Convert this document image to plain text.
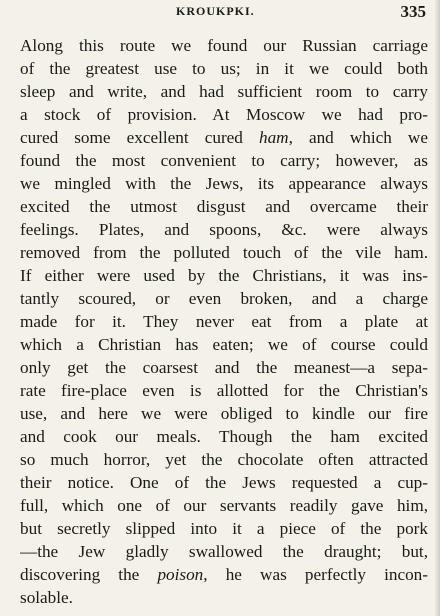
KROUKPKI.	335
Along this route we found our Russian carriage
of the greatest use to us; in it we could both
sleep and write, and had sufficient room to carry
a stock of provision. At Moscow we had pro-
cured some excellent cured ham, and which we
found the most convenient to carry; however, as
we mingled with the Jews, its appearance always
excited the utmost disgust and overcame their
feelings. Plates, and spoons, &c. were always
removed from the polluted touch of the vile ham.
If either were used by the Christians, it was ins-
tantly scoured, or even broken, and a charge
made for it. They never eat from a plate at
which a Christian has eaten; we of course could
only get the coarsest and the meanest—a sepa-
rate fire-place even is allotted for the Christian's
use, and here we were obliged to kindle our fire
and cook our meals. Though the ham excited
so much horror, yet the chocolate often attracted
their notice. One of the Jews requested a cup-
full, which one of our servants readily gave him,
but secretly slipped into it a piece of the pork
—the Jew gladly swallowed the draught; but,
discovering the poison, he was perfectly incon-
solable.
